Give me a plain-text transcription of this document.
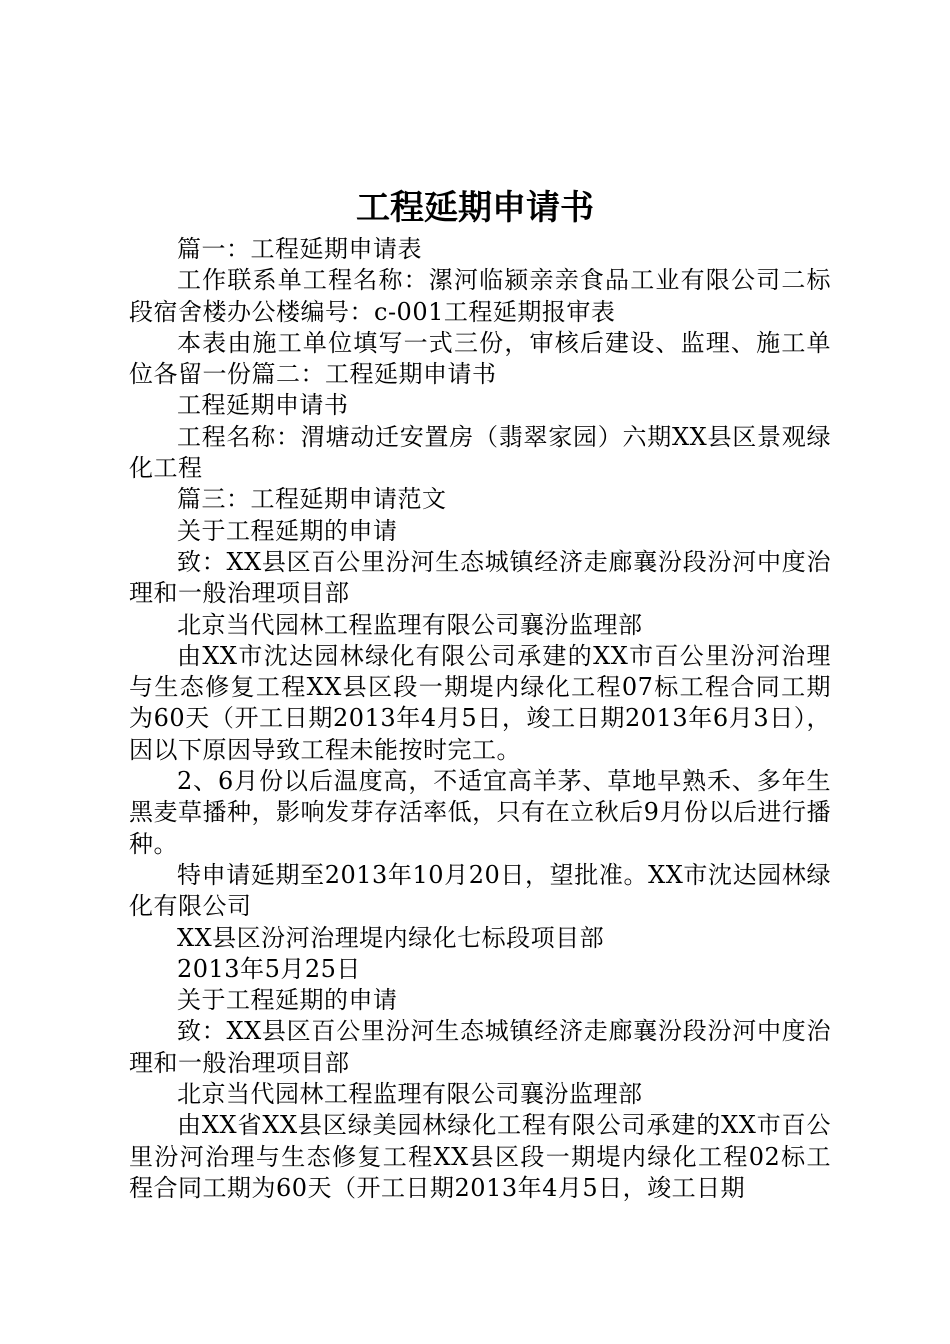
工程延期申请书

篇一：工程延期申请表

工作联系单工程名称：漯河临颍亲亲食品工业有限公司二标段宿舍楼办公楼编号：c-001工程延期报审表

本表由施工单位填写一式三份，审核后建设、监理、施工单位各留一份篇二：工程延期申请书

工程延期申请书

工程名称：渭塘动迁安置房（翡翠家园）六期XX县区景观绿化工程

篇三：工程延期申请范文

关于工程延期的申请

致：XX县区百公里汾河生态城镇经济走廊襄汾段汾河中度治理和一般治理项目部

北京当代园林工程监理有限公司襄汾监理部

由XX市沈达园林绿化有限公司承建的XX市百公里汾河治理与生态修复工程XX县区段一期堤内绿化工程07标工程合同工期为60天（开工日期2013年4月5日，竣工日期2013年6月3日），因以下原因导致工程未能按时完工。

2、6月份以后温度高，不适宜高羊茅、草地早熟禾、多年生黑麦草播种，影响发芽存活率低，只有在立秋后9月份以后进行播种。

特申请延期至2013年10月20日，望批准。XX市沈达园林绿化有限公司

XX县区汾河治理堤内绿化七标段项目部

2013年5月25日

关于工程延期的申请

致：XX县区百公里汾河生态城镇经济走廊襄汾段汾河中度治理和一般治理项目部

北京当代园林工程监理有限公司襄汾监理部

由XX省XX县区绿美园林绿化工程有限公司承建的XX市百公里汾河治理与生态修复工程XX县区段一期堤内绿化工程02标工程合同工期为60天（开工日期2013年4月5日，竣工日期
